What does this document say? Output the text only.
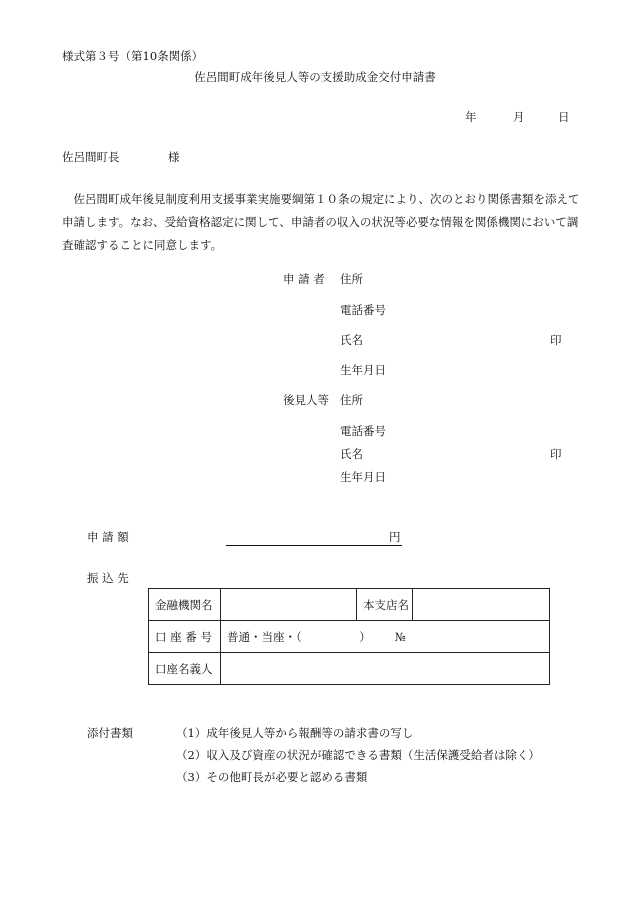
様式第３号（第10条関係）
佐呂間町成年後見人等の支援助成金交付申請書
年	月	日
佐呂間町長	様
　佐呂間町成年後見制度利用支援事業実施要綱第１０条の規定により、次のとおり関係書類を添えて
申請します。なお、受給資格認定に関して、申請者の収入の状況等必要な情報を関係機関において調
査確認することに同意します。
申 請 者 住所
電話番号
氏名	印
生年月日
後見人等 住所
電話番号
氏名	印
生年月日
申 請 額	円
振 込 先
金融機関名		本支店名	
口 座 番 号	普通・当座・（　　　　　） №		
口座名義人			
添付書類	（1）成年後見人等から報酬等の請求書の写し
（2）収入及び資産の状況が確認できる書類（生活保護受給者は除く）
（3）その他町長が必要と認める書類
